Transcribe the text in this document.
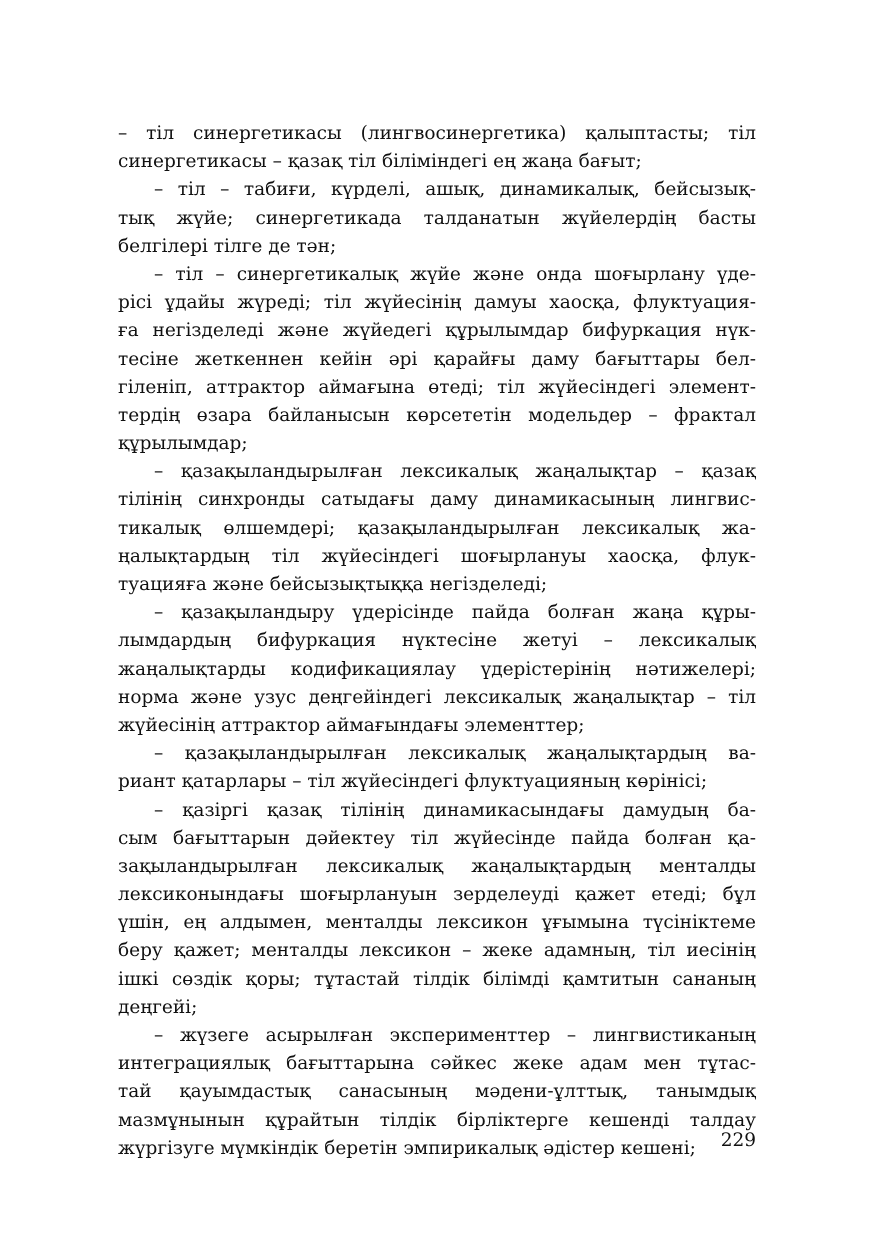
– тіл синергетикасы (лингвосинергетика) қалыптасты; тіл
синергетикасы – қазақ тіл біліміндегі ең жаңа бағыт;
– тіл – табиғи, күрделі, ашық, динамикалық, бейсызық-
тық жүйе; синергетикада талданатын жүйелердің басты
белгілері тілге де тән;
– тіл – синергетикалық жүйе және онда шоғырлану үде-
рісі ұдайы жүреді; тіл жүйесінің дамуы хаосқа, флуктуация-
ға негізделеді және жүйедегі құрылымдар бифуркация нүк-
тесіне жеткеннен кейін әрі қарайғы даму бағыттары бел-
гіленіп, аттрактор аймағына өтеді; тіл жүйесіндегі элемент-
тердің өзара байланысын көрсететін модельдер – фрактал
құрылымдар;
– қазақыландырылған лексикалық жаңалықтар – қазақ
тілінің синхронды сатыдағы даму динамикасының лингвис-
тикалық өлшемдері; қазақыландырылған лексикалық жа-
ңалықтардың тіл жүйесіндегі шоғырлануы хаосқа, флук-
туацияға және бейсызықтыққа негізделеді;
– қазақыландыру үдерісінде пайда болған жаңа құры-
лымдардың бифуркация нүктесіне жетуі – лексикалық
жаңалықтарды кодификациялау үдерістерінің нәтижелері;
норма және узус деңгейіндегі лексикалық жаңалықтар – тіл
жүйесінің аттрактор аймағындағы элементтер;
– қазақыландырылған лексикалық жаңалықтардың ва-
риант қатарлары – тіл жүйесіндегі флуктуацияның көрінісі;
– қазіргі қазақ тілінің динамикасындағы дамудың ба-
сым бағыттарын дәйектеу тіл жүйесінде пайда болған қа-
зақыландырылған лексикалық жаңалықтардың менталды
лексиконындағы шоғырлануын зерделеуді қажет етеді; бұл
үшін, ең алдымен, менталды лексикон ұғымына түсініктеме
беру қажет; менталды лексикон – жеке адамның, тіл иесінің
ішкі сөздік қоры; тұтастай тілдік білімді қамтитын сананың
деңгейі;
– жүзеге асырылған эксперименттер – лингвистиканың
интеграциялық бағыттарына сәйкес жеке адам мен тұтас-
тай қауымдастық санасының мәдени-ұлттық, танымдық
мазмұнынын құрайтын тілдік бірліктерге кешенді талдау
жүргізуге мүмкіндік беретін эмпирикалық әдістер кешені;	229
